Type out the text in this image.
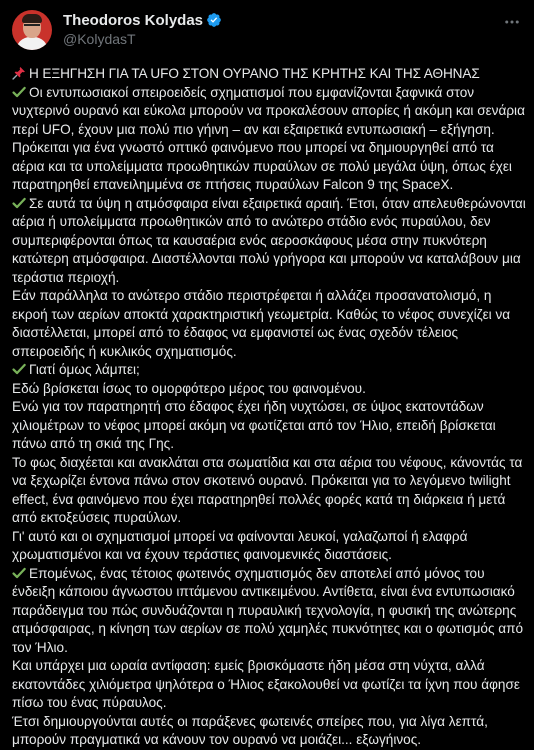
Theodoros Kolydas
@KolydasT

Η ΕΞΗΓΗΣΗ ΓΙΑ ΤΑ UFO ΣΤΟΝ ΟΥΡΑΝΟ ΤΗΣ ΚΡΗΤΗΣ ΚΑΙ ΤΗΣ ΑΘΗΝΑΣ

Οι εντυπωσιακοί σπειροειδείς σχηματισμοί που εμφανίζονται ξαφνικά στον νυχτερινό ουρανό και εύκολα μπορούν να προκαλέσουν απορίες ή ακόμη και σενάρια περί UFO, έχουν μια πολύ πιο γήινη – αν και εξαιρετικά εντυπωσιακή – εξήγηση.

Πρόκειται για ένα γνωστό οπτικό φαινόμενο που μπορεί να δημιουργηθεί από τα αέρια και τα υπολείμματα προωθητικών πυραύλων σε πολύ μεγάλα ύψη, όπως έχει παρατηρηθεί επανειλημμένα σε πτήσεις πυραύλων Falcon 9 της SpaceX.

Σε αυτά τα ύψη η ατμόσφαιρα είναι εξαιρετικά αραιή. Έτσι, όταν απελευθερώνονται αέρια ή υπολείμματα προωθητικών από το ανώτερο στάδιο ενός πυραύλου, δεν συμπεριφέρονται όπως τα καυσαέρια ενός αεροσκάφους μέσα στην πυκνότερη κατώτερη ατμόσφαιρα. Διαστέλλονται πολύ γρήγορα και μπορούν να καταλάβουν μια τεράστια περιοχή.

Εάν παράλληλα το ανώτερο στάδιο περιστρέφεται ή αλλάζει προσανατολισμό, η εκροή των αερίων αποκτά χαρακτηριστική γεωμετρία. Καθώς το νέφος συνεχίζει να διαστέλλεται, μπορεί από το έδαφος να εμφανιστεί ως ένας σχεδόν τέλειος σπειροειδής ή κυκλικός σχηματισμός.

Γιατί όμως λάμπει;

Εδώ βρίσκεται ίσως το ομορφότερο μέρος του φαινομένου.

Ενώ για τον παρατηρητή στο έδαφος έχει ήδη νυχτώσει, σε ύψος εκατοντάδων χιλιομέτρων το νέφος μπορεί ακόμη να φωτίζεται από τον Ήλιο, επειδή βρίσκεται πάνω από τη σκιά της Γης.

Το φως διαχέεται και ανακλάται στα σωματίδια και στα αέρια του νέφους, κάνοντάς τα να ξεχωρίζει έντονα πάνω στον σκοτεινό ουρανό. Πρόκειται για το λεγόμενο twilight effect, ένα φαινόμενο που έχει παρατηρηθεί πολλές φορές κατά τη διάρκεια ή μετά από εκτοξεύσεις πυραύλων.

Γι' αυτό και οι σχηματισμοί μπορεί να φαίνονται λευκοί, γαλαζωποί ή ελαφρά χρωματισμένοι και να έχουν τεράστιες φαινομενικές διαστάσεις.

Επομένως, ένας τέτοιος φωτεινός σχηματισμός δεν αποτελεί από μόνος του ένδειξη κάποιου άγνωστου ιπτάμενου αντικειμένου. Αντίθετα, είναι ένα εντυπωσιακό παράδειγμα του πώς συνδυάζονται η πυραυλική τεχνολογία, η φυσική της ανώτερης ατμόσφαιρας, η κίνηση των αερίων σε πολύ χαμηλές πυκνότητες και ο φωτισμός από τον Ήλιο.

Και υπάρχει μια ωραία αντίφαση: εμείς βρισκόμαστε ήδη μέσα στη νύχτα, αλλά εκατοντάδες χιλιόμετρα ψηλότερα ο Ήλιος εξακολουθεί να φωτίζει τα ίχνη που άφησε πίσω του ένας πύραυλος.

Έτσι δημιουργούνται αυτές οι παράξενες φωτεινές σπείρες που, για λίγα λεπτά, μπορούν πραγματικά να κάνουν τον ουρανό να μοιάζει... εξωγήινος.
